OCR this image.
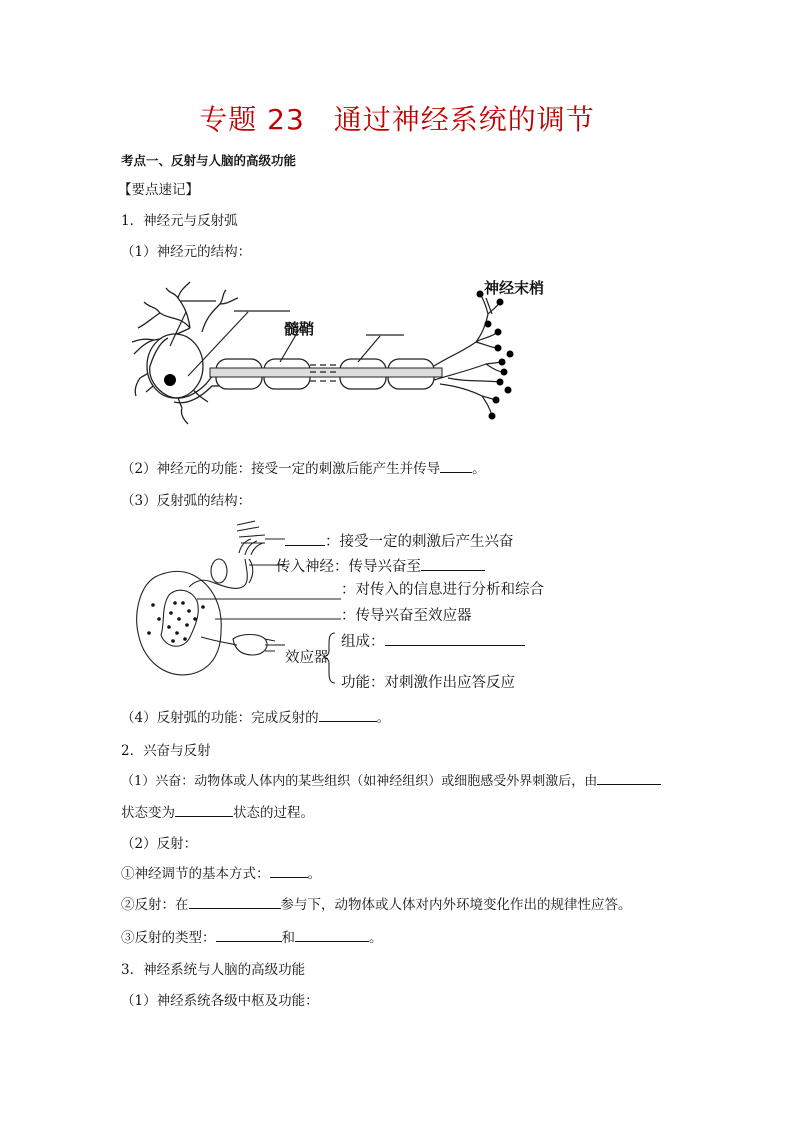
专题 23　通过神经系统的调节
考点一、反射与人脑的高级功能
【要点速记】
1．神经元与反射弧
（1）神经元的结构：
神经末梢
髓鞘
（2）神经元的功能：接受一定的刺激后能产生并传导 。
（3）反射弧的结构：
：接受一定的刺激后产生兴奋
传入神经：传导兴奋至
：对传入的信息进行分析和综合
：传导兴奋至效应器
效应器
组成：
功能：对刺激作出应答反应
（4）反射弧的功能：完成反射的	。
2．兴奋与反射
（1）兴奋：动物体或人体内的某些组织（如神经组织）或细胞感受外界刺激后，由
状态变为	状态的过程。
（2）反射：
①神经调节的基本方式：	。
②反射：在	参与下，动物体或人体对内外环境变化作出的规律性应答。
③反射的类型：	和	。
3．神经系统与人脑的高级功能
（1）神经系统各级中枢及功能：
